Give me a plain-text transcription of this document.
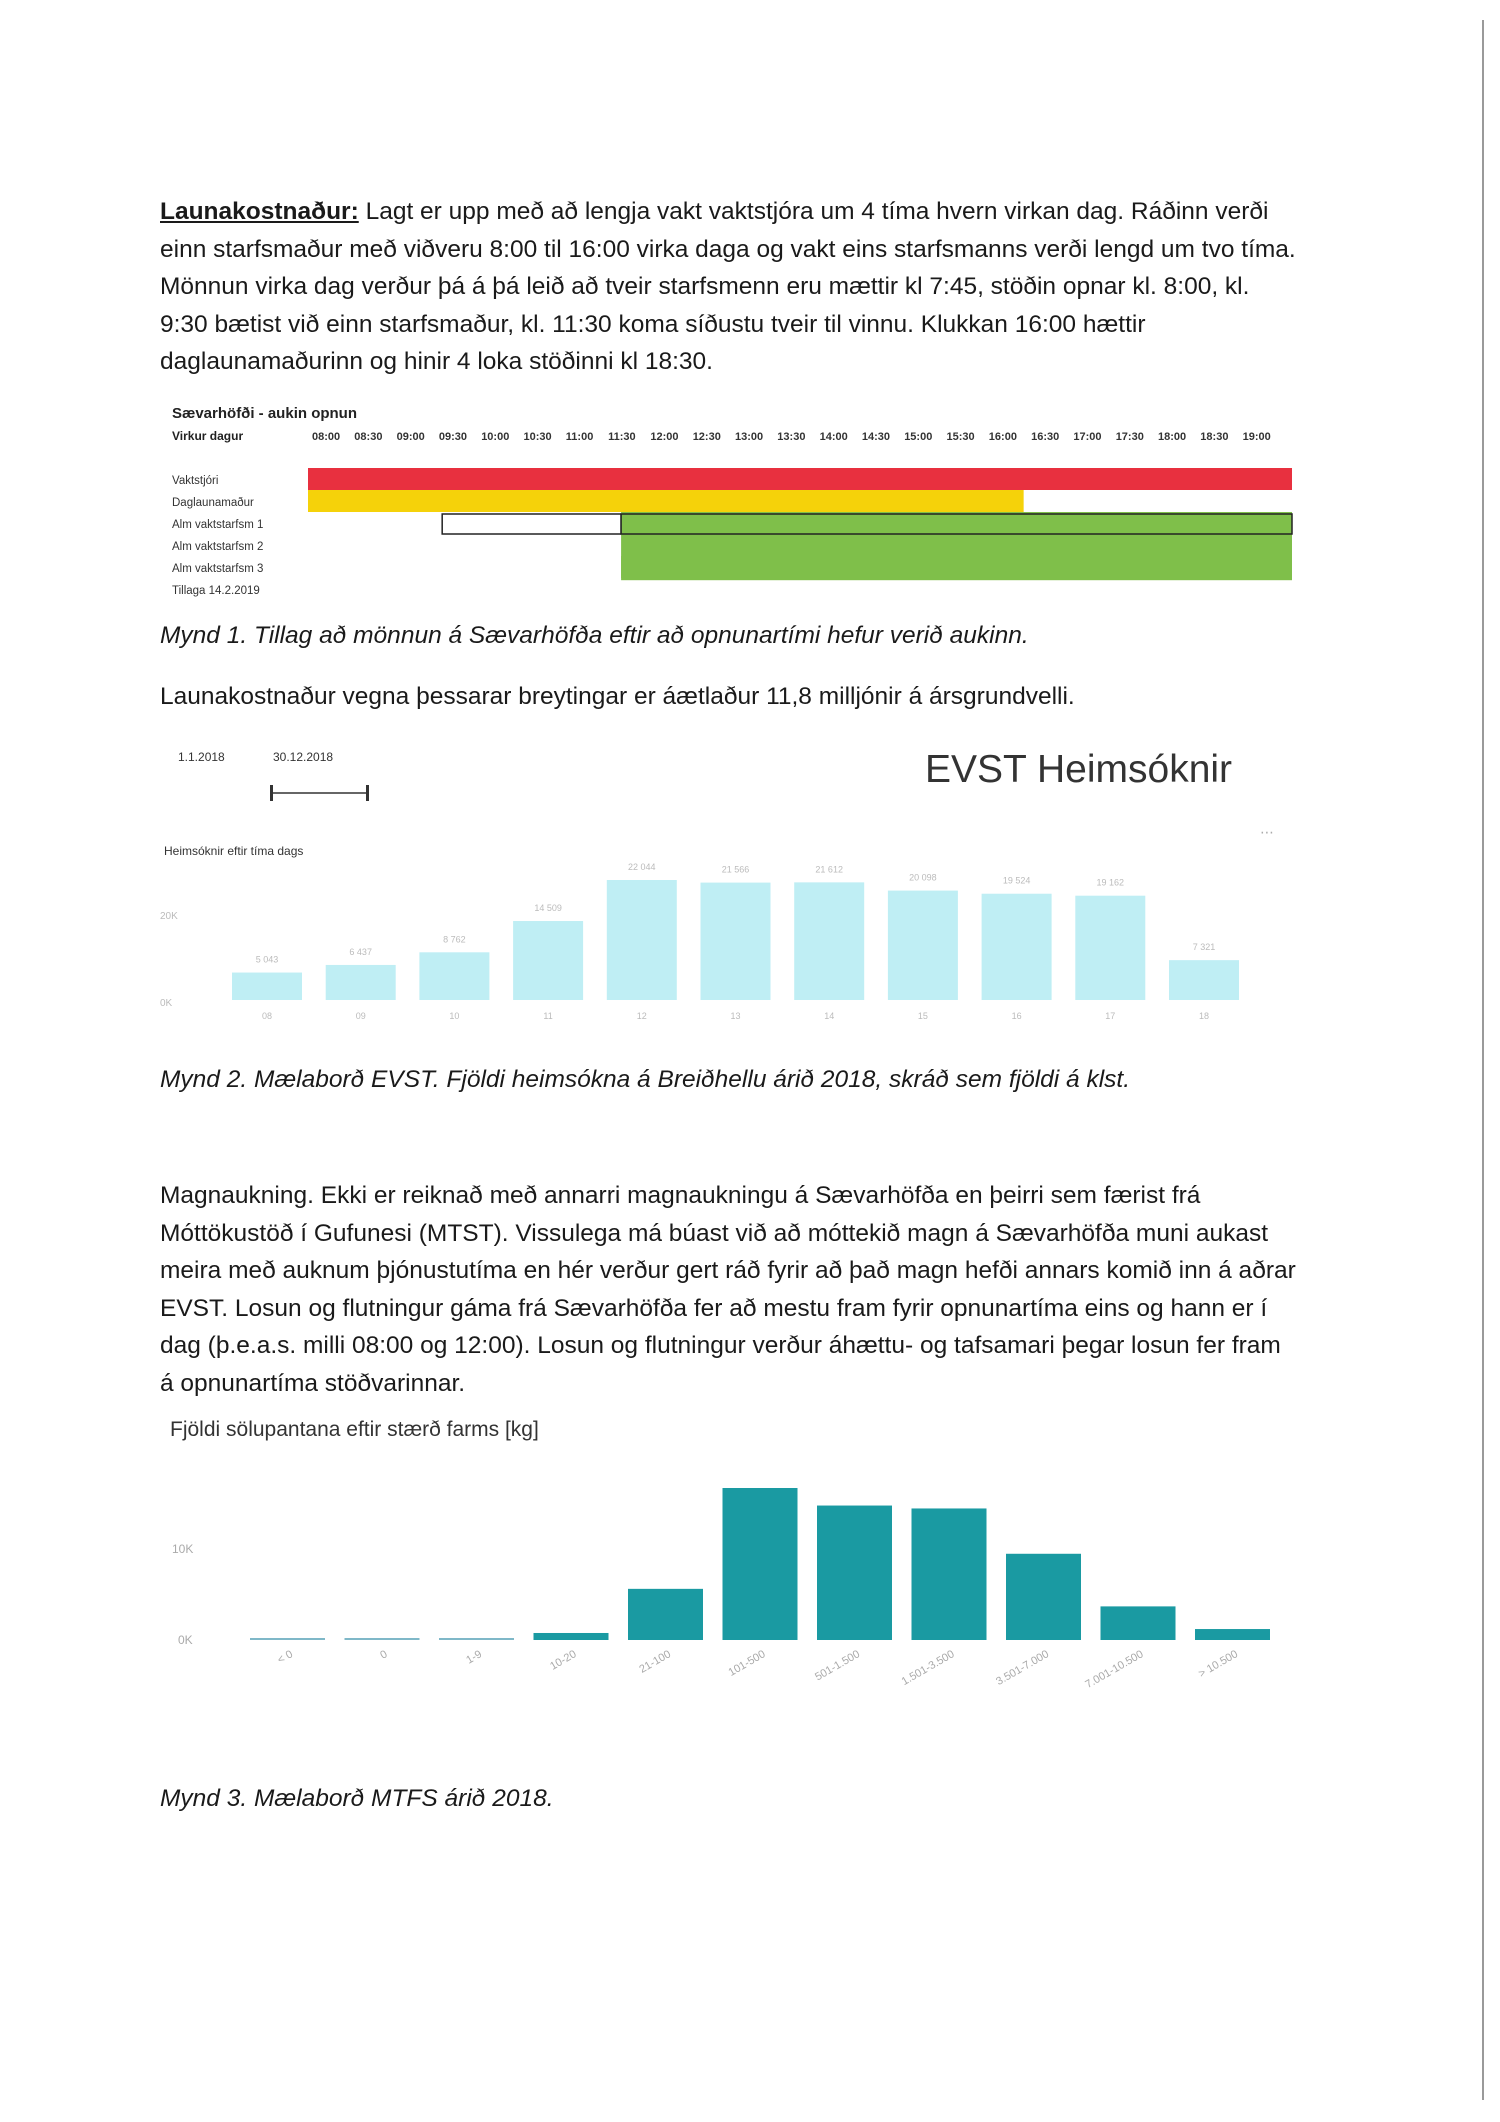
Launakostnaður: Lagt er upp með að lengja vakt vaktstjóra um 4 tíma hvern virkan dag. Ráðinn verði einn starfsmaður með viðveru 8:00 til 16:00 virka daga og vakt eins starfsmanns verði lengd um tvo tíma. Mönnun virka dag verður þá á þá leið að tveir starfsmenn eru mættir kl 7:45, stöðin opnar kl. 8:00, kl. 9:30 bætist við einn starfsmaður, kl. 11:30 koma síðustu tveir til vinnu. Klukkan 16:00 hættir daglaunamaðurinn og hinir 4 loka stöðinni kl 18:30.

Sævarhöfði - aukin opnun
Virkur dagur	08:00 08:30 09:00 09:30 10:00 10:30 11:00 11:30 12:00 12:30 13:00 13:30 14:00 14:30 15:00 15:30 16:00 16:30 17:00 17:30 18:00 18:30 19:00
Vaktstjóri
Daglaunamaður
Alm vaktstarfsm 1
Alm vaktstarfsm 2
Alm vaktstarfsm 3
Tillaga 14.2.2019

Mynd 1. Tillag að mönnun á Sævarhöfða eftir að opnunartími hefur verið aukinn.

Launakostnaður vegna þessarar breytingar er áætlaður 11,8 milljónir á ársgrundvelli.

EVST Heimsóknir
1.1.2018	30.12.2018
⋯
Heimsóknir eftir tíma dags
20K
0K
5 043
08
6 437
09
8 762
10
14 509
11
22 044
12
21 566
13
21 612
14
20 098
15
19 524
16
19 162
17
7 321
18

Mynd 2. Mælaborð EVST. Fjöldi heimsókna á Breiðhellu árið 2018, skráð sem fjöldi á klst.

Magnaukning. Ekki er reiknað með annarri magnaukningu á Sævarhöfða en þeirri sem færist frá Móttökustöð í Gufunesi (MTST). Vissulega má búast við að móttekið magn á Sævarhöfða muni aukast meira með auknum þjónustutíma en hér verður gert ráð fyrir að það magn hefði annars komið inn á aðrar EVST. Losun og flutningur gáma frá Sævarhöfða fer að mestu fram fyrir opnunartíma eins og hann er í dag (þ.e.a.s. milli 08:00 og 12:00). Losun og flutningur verður áhættu- og tafsamari þegar losun fer fram á opnunartíma stöðvarinnar.

Fjöldi sölupantana eftir stærð farms [kg]
10K
0K
< 0	0	1-9	10-20	21-100	101-500	501-1.500	1.501-3.500	3.501-7.000	7.001-10.500	> 10.500

Mynd 3. Mælaborð MTFS árið 2018.
